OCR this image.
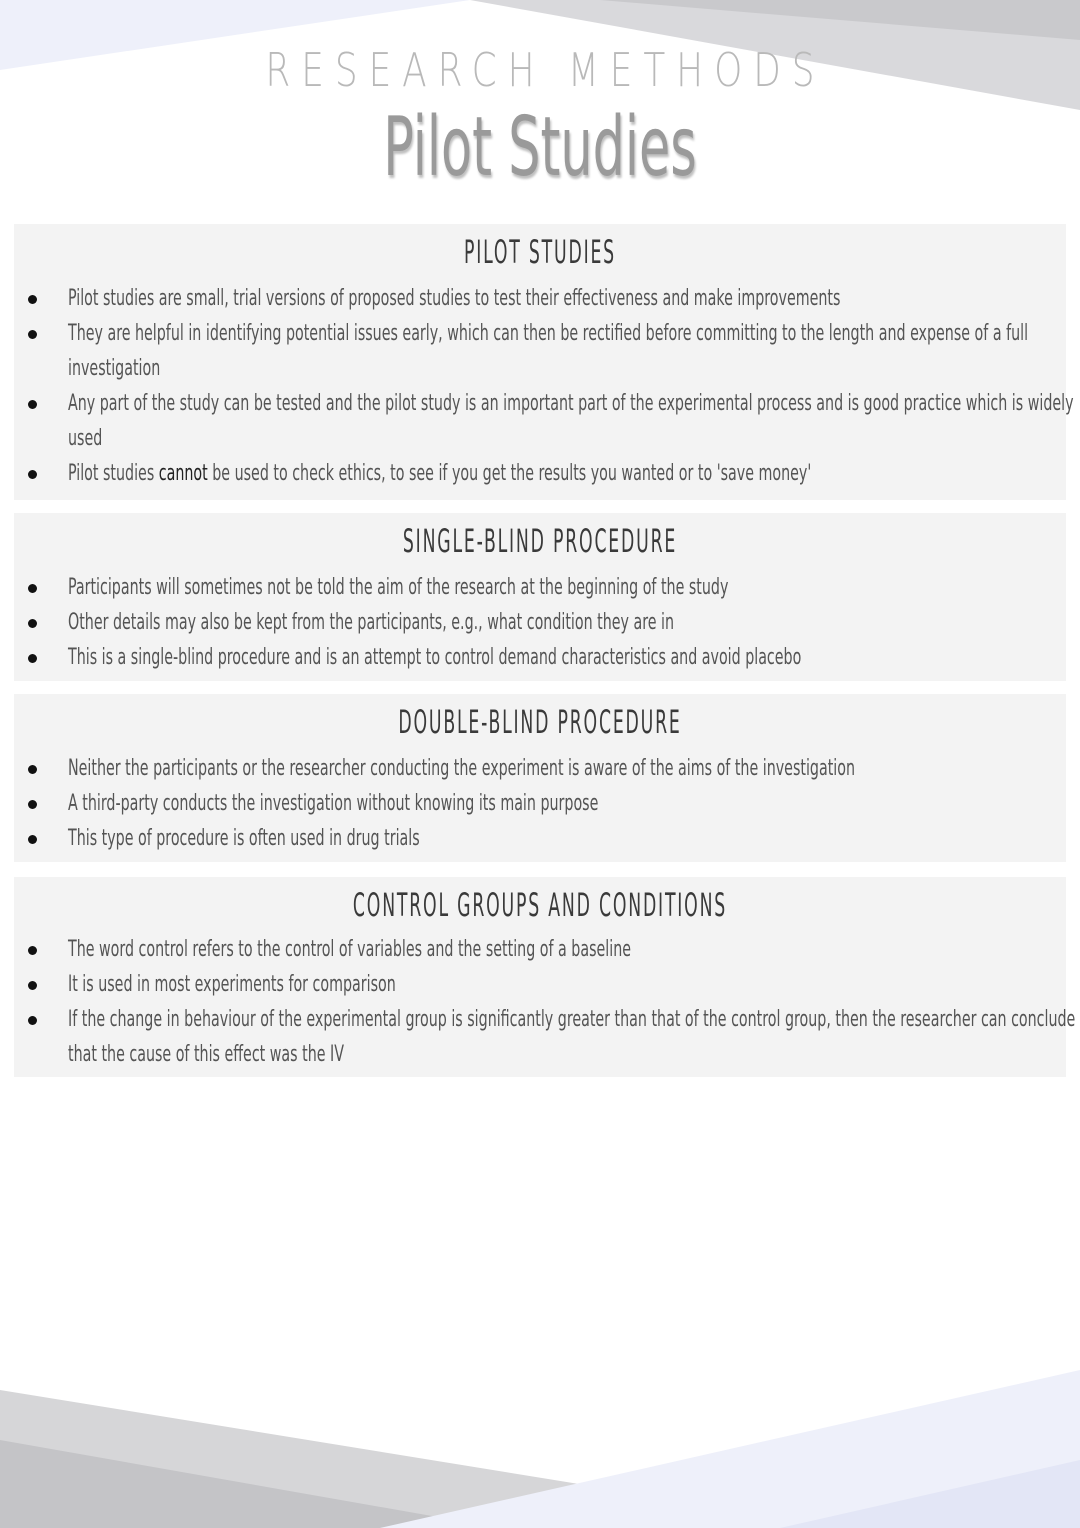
RESEARCH METHODS
Pilot Studies
PILOT STUDIES
Pilot studies are small, trial versions of proposed studies to test their effectiveness and make improvements
They are helpful in identifying potential issues early, which can then be rectified before committing to the length and expense of a full investigation
Any part of the study can be tested and the pilot study is an important part of the experimental process and is good practice which is widely used
Pilot studies cannot be used to check ethics, to see if you get the results you wanted or to 'save money'
SINGLE-BLIND PROCEDURE
Participants will sometimes not be told the aim of the research at the beginning of the study
Other details may also be kept from the participants, e.g., what condition they are in
This is a single-blind procedure and is an attempt to control demand characteristics and avoid placebo
DOUBLE-BLIND PROCEDURE
Neither the participants or the researcher conducting the experiment is aware of the aims of the investigation
A third-party conducts the investigation without knowing its main purpose
This type of procedure is often used in drug trials
CONTROL GROUPS AND CONDITIONS
The word control refers to the control of variables and the setting of a baseline
It is used in most experiments for comparison
If the change in behaviour of the experimental group is significantly greater than that of the control group, then the researcher can conclude that the cause of this effect was the IV
